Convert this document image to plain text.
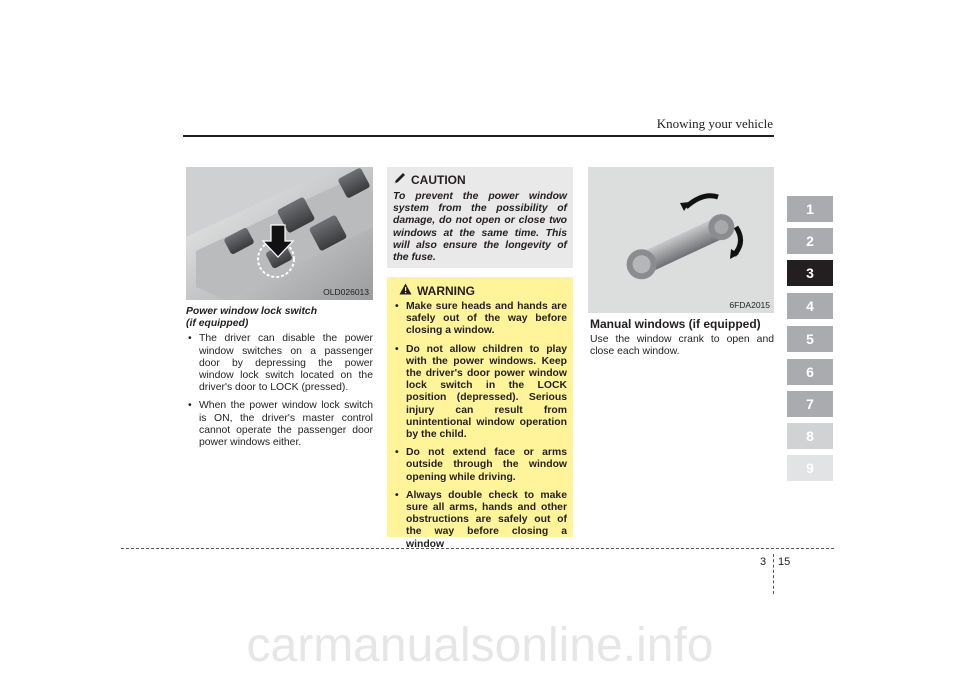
Knowing your vehicle
OLD026013
Power window lock switch
(if equipped)
• The driver can disable the power window switches on a passenger door by depressing the power window lock switch located on the driver's door to LOCK (pressed).
• When the power window lock switch is ON, the driver's master control cannot operate the passenger door power windows either.
CAUTION
To prevent the power window system from the possibility of damage, do not open or close two windows at the same time. This will also ensure the longevity of the fuse.
WARNING
• Make sure heads and hands are safely out of the way before closing a window.
• Do not allow children to play with the power windows. Keep the driver's door power window lock switch in the LOCK position (depressed). Serious injury can result from unintentional window operation by the child.
• Do not extend face or arms outside through the window opening while driving.
• Always double check to make sure all arms, hands and other obstructions are safely out of the way before closing a window
6FDA2015
Manual windows (if equipped)
Use the window crank to open and close each window.
1
2
3
4
5
6
7
8
9
3 15
carmanualsonline.info
